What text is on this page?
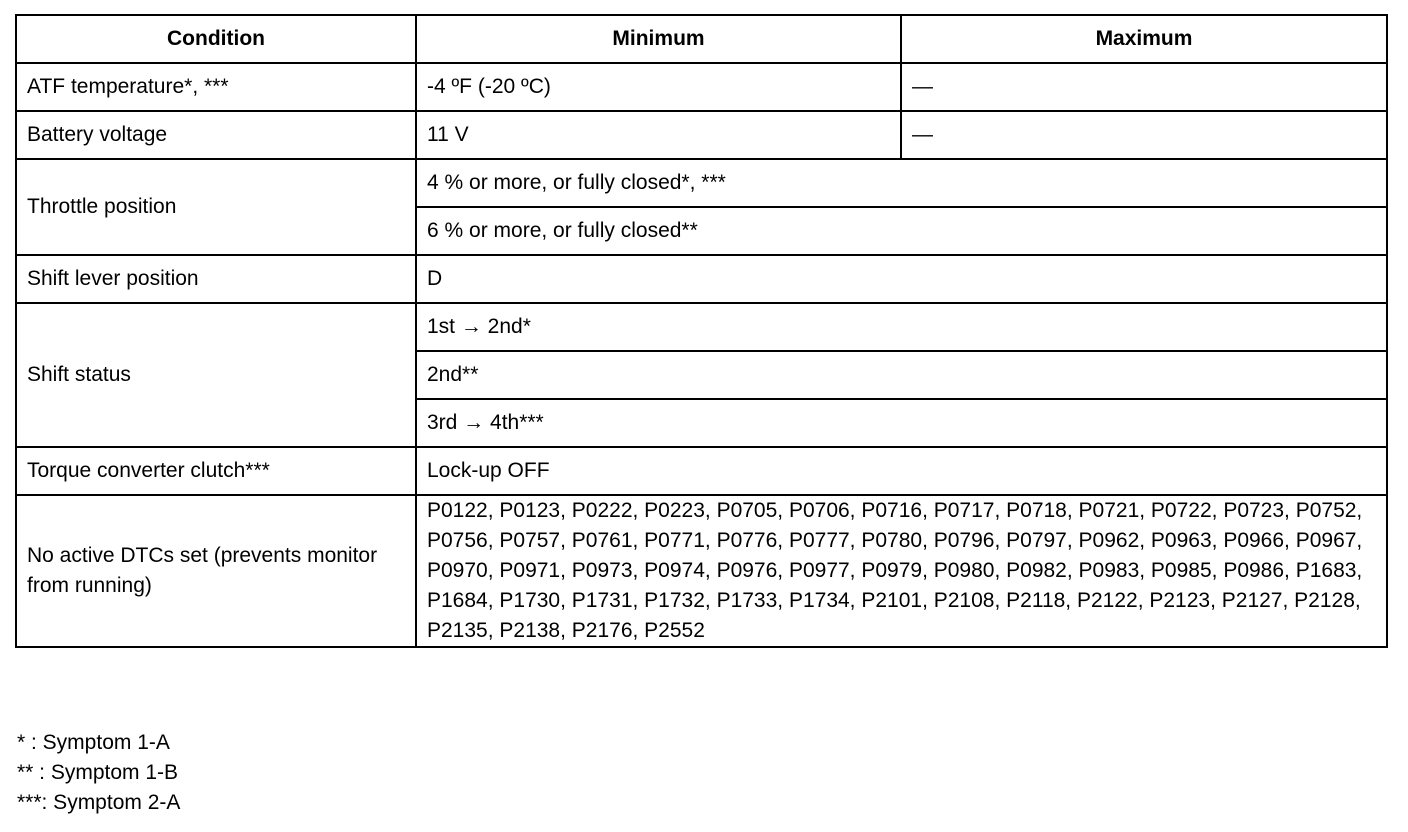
Condition	Minimum	Maximum
ATF temperature*, ***	-4 ºF (-20 ºC)	—
Battery voltage	11 V	—
Throttle position	4 % or more, or fully closed*, ***	
	6 % or more, or fully closed**	
Shift lever position	D	
Shift status	1st → 2nd*	
	2nd**	
	3rd → 4th***	
Torque converter clutch***	Lock-up OFF	
No active DTCs set (prevents monitor from running)	P0122, P0123, P0222, P0223, P0705, P0706, P0716, P0717, P0718, P0721, P0722, P0723, P0752, P0756, P0757, P0761, P0771, P0776, P0777, P0780, P0796, P0797, P0962, P0963, P0966, P0967, P0970, P0971, P0973, P0974, P0976, P0977, P0979, P0980, P0982, P0983, P0985, P0986, P1683, P1684, P1730, P1731, P1732, P1733, P1734, P2101, P2108, P2118, P2122, P2123, P2127, P2128, P2135, P2138, P2176, P2552	
* : Symptom 1-A
** : Symptom 1-B
***: Symptom 2-A
